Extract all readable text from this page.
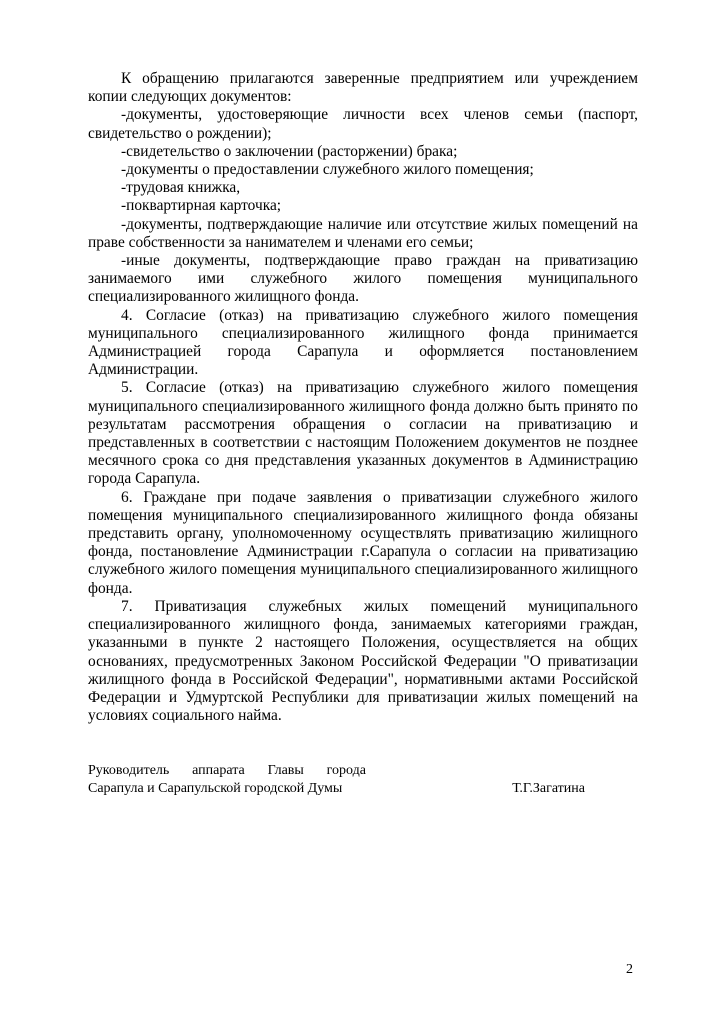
К обращению прилагаются заверенные предприятием или учреждением копии следующих документов:

-документы, удостоверяющие личности всех членов семьи (паспорт, свидетельство о рождении);

-свидетельство о заключении (расторжении) брака;

-документы о предоставлении служебного жилого помещения;

-трудовая книжка,

-поквартирная карточка;

-документы, подтверждающие наличие или отсутствие жилых помещений на праве собственности за нанимателем и членами его семьи;

-иные документы, подтверждающие право граждан на приватизацию занимаемого ими служебного жилого помещения муниципального специализированного жилищного фонда.

4. Согласие (отказ) на приватизацию служебного жилого помещения муниципального специализированного жилищного фонда принимается Администрацией города Сарапула и оформляется постановлением Администрации.

5. Согласие (отказ) на приватизацию служебного жилого помещения муниципального специализированного жилищного фонда должно быть принято по результатам рассмотрения обращения о согласии на приватизацию и представленных в соответствии с настоящим Положением документов не позднее месячного срока со дня представления указанных документов в Администрацию города Сарапула.

6. Граждане при подаче заявления о приватизации служебного жилого помещения муниципального специализированного жилищного фонда обязаны представить органу, уполномоченному осуществлять приватизацию жилищного фонда, постановление Администрации г.Сарапула о согласии на приватизацию служебного жилого помещения муниципального специализированного жилищного фонда.

7. Приватизация служебных жилых помещений муниципального специализированного жилищного фонда, занимаемых категориями граждан, указанными в пункте 2 настоящего Положения, осуществляется на общих основаниях, предусмотренных Законом Российской Федерации "О приватизации жилищного фонда в Российской Федерации", нормативными актами Российской Федерации и Удмуртской Республики для приватизации жилых помещений на условиях социального найма.

Руководитель аппарата Главы города
Сарапула и Сарапульской городской Думы	Т.Г.Загатина
2
